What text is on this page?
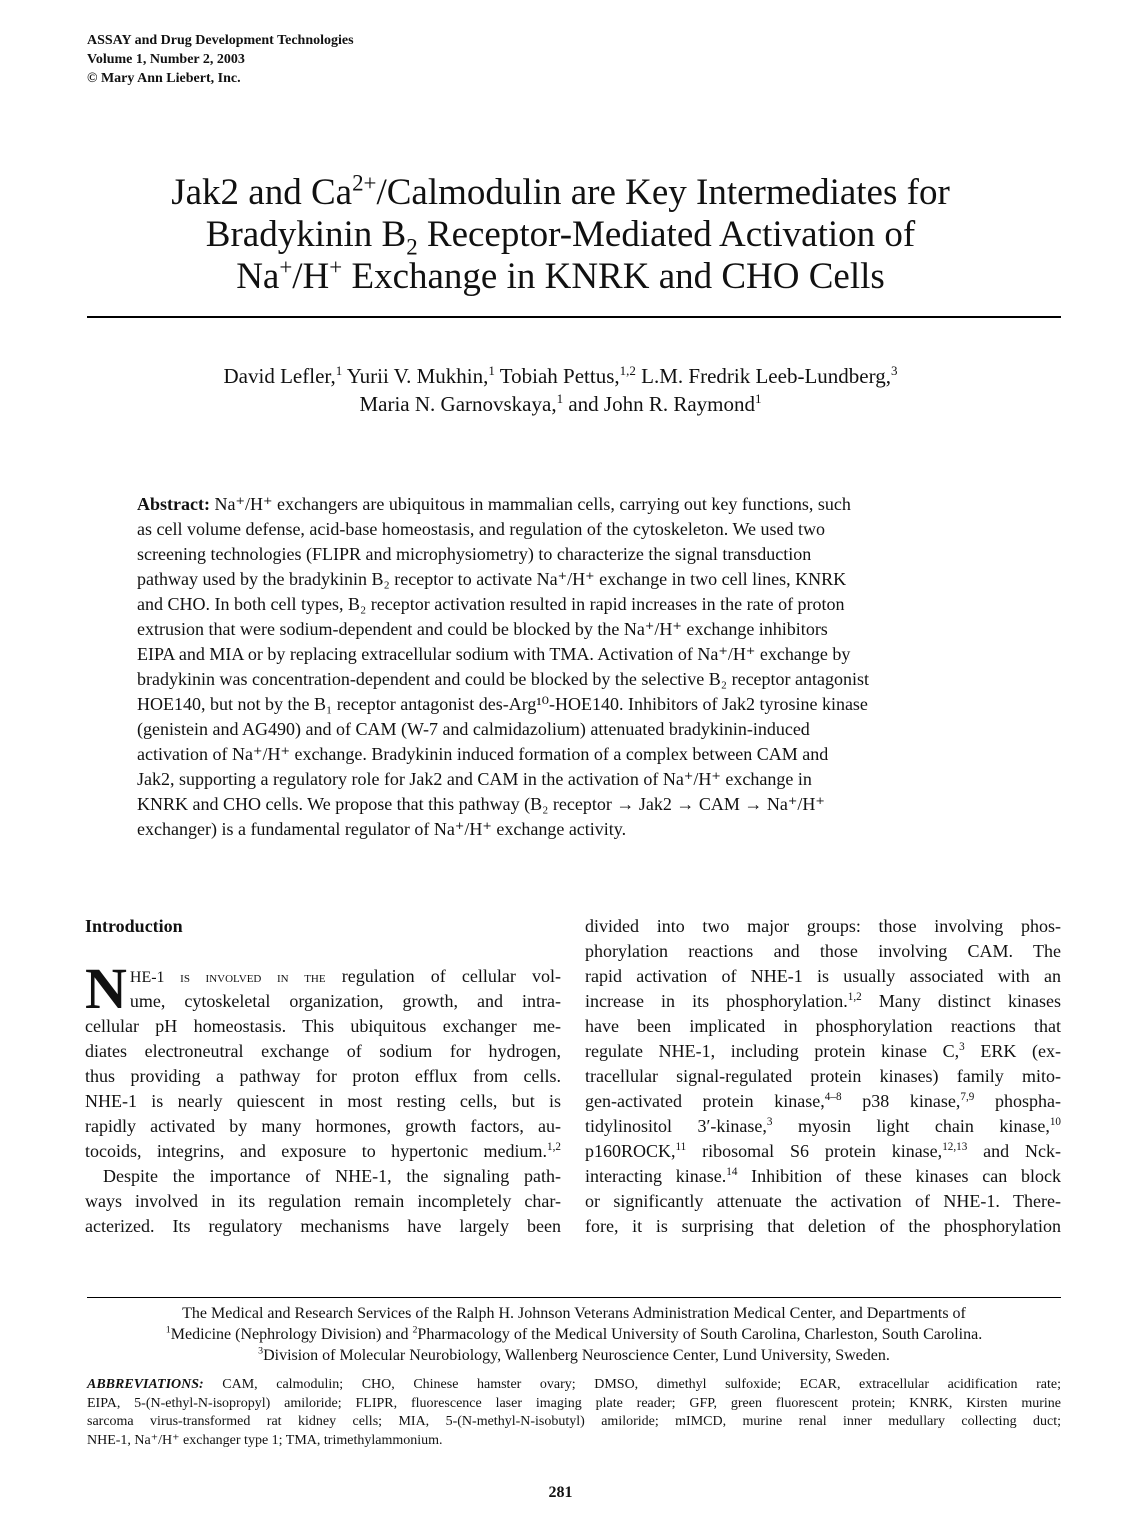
ASSAY and Drug Development Technologies
Volume 1, Number 2, 2003
© Mary Ann Liebert, Inc.
Jak2 and $Ca^{2+}$/Calmodulin are Key Intermediates for
Bradykinin $B_2$ Receptor-Mediated Activation of
Na+/H+ Exchange in KNRK and CHO Cells
David Lefler,$^1$ Yurii V. Mukhin,$^1$ Tobiah Pettus,$^{1,2}$ L.M. Fredrik Leeb-Lundberg,$^3$
Maria N. Garnovskaya,$^1$ and John R. Raymond$^1$
Abstract: Na⁺/H⁺ exchangers are ubiquitous in mammalian cells, carrying out key functions, such
as cell volume defense, acid-base homeostasis, and regulation of the cytoskeleton. We used two
screening technologies (FLIPR and microphysiometry) to characterize the signal transduction
pathway used by the bradykinin B₂ receptor to activate Na⁺/H⁺ exchange in two cell lines, KNRK
and CHO. In both cell types, B₂ receptor activation resulted in rapid increases in the rate of proton
extrusion that were sodium-dependent and could be blocked by the Na⁺/H⁺ exchange inhibitors
EIPA and MIA or by replacing extracellular sodium with TMA. Activation of Na⁺/H⁺ exchange by
bradykinin was concentration-dependent and could be blocked by the selective B₂ receptor antagonist
HOE140, but not by the B₁ receptor antagonist des-Arg¹⁰-HOE140. Inhibitors of Jak2 tyrosine kinase
(genistein and AG490) and of CAM (W-7 and calmidazolium) attenuated bradykinin-induced
activation of Na⁺/H⁺ exchange. Bradykinin induced formation of a complex between CAM and
Jak2, supporting a regulatory role for Jak2 and CAM in the activation of Na⁺/H⁺ exchange in
KNRK and CHO cells. We propose that this pathway (B₂ receptor → Jak2 → CAM → Na⁺/H⁺
exchanger) is a fundamental regulator of Na⁺/H⁺ exchange activity.
Introduction
N HE-1 is involved in the regulation of cellular vol-
ume, cytoskeletal organization, growth, and intra-
cellular pH homeostasis. This ubiquitous exchanger me-
diates electroneutral exchange of sodium for hydrogen,
thus providing a pathway for proton efflux from cells.
NHE-1 is nearly quiescent in most resting cells, but is
rapidly activated by many hormones, growth factors, au-
tocoids, integrins, and exposure to hypertonic medium.$^{1,2}$
Despite the importance of NHE-1, the signaling path-
ways involved in its regulation remain incompletely char-
acterized. Its regulatory mechanisms have largely been
divided into two major groups: those involving phos-
phorylation reactions and those involving CAM. The
rapid activation of NHE-1 is usually associated with an
increase in its phosphorylation.$^{1,2}$ Many distinct kinases
have been implicated in phosphorylation reactions that
regulate NHE-1, including protein kinase C,$^3$ ERK (ex-
tracellular signal-regulated protein kinases) family mito-
gen-activated protein kinase,$^{4-8}$ p38 kinase,$^{7,9}$ phospha-
tidylinositol 3′-kinase,$^3$ myosin light chain kinase,$^{10}$
p160ROCK,$^{11}$ ribosomal S6 protein kinase,$^{12,13}$ and Nck-
interacting kinase.$^{14}$ Inhibition of these kinases can block
or significantly attenuate the activation of NHE-1. There-
fore, it is surprising that deletion of the phosphorylation
The Medical and Research Services of the Ralph H. Johnson Veterans Administration Medical Center, and Departments of
$^1$Medicine (Nephrology Division) and $^2$Pharmacology of the Medical University of South Carolina, Charleston, South Carolina.
$^3$Division of Molecular Neurobiology, Wallenberg Neuroscience Center, Lund University, Sweden.
ABBREVIATIONS: CAM, calmodulin; CHO, Chinese hamster ovary; DMSO, dimethyl sulfoxide; ECAR, extracellular acidification rate;
EIPA, 5-(N-ethyl-N-isopropyl) amiloride; FLIPR, fluorescence laser imaging plate reader; GFP, green fluorescent protein; KNRK, Kirsten murine
sarcoma virus-transformed rat kidney cells; MIA, 5-(N-methyl-N-isobutyl) amiloride; mIMCD, murine renal inner medullary collecting duct;
NHE-1, Na⁺/H⁺ exchanger type 1; TMA, trimethylammonium.
281
